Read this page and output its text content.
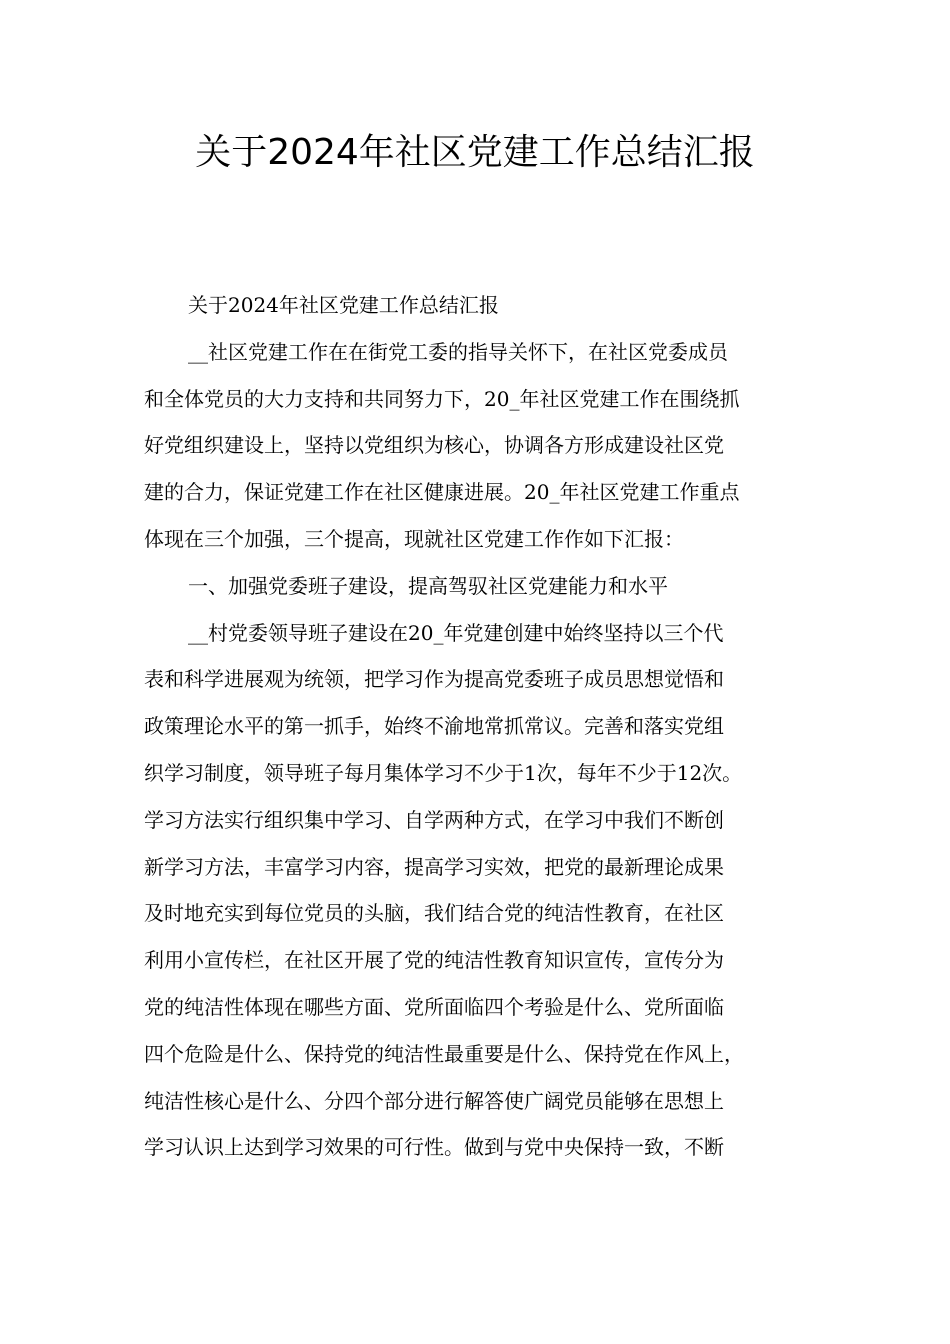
关于2024年社区党建工作总结汇报
关于2024年社区党建工作总结汇报
__社区党建工作在在街党工委的指导关怀下，在社区党委成员
和全体党员的大力支持和共同努力下，20_年社区党建工作在围绕抓
好党组织建设上，坚持以党组织为核心，协调各方形成建设社区党
建的合力，保证党建工作在社区健康进展。20_年社区党建工作重点
体现在三个加强，三个提高，现就社区党建工作作如下汇报：
一、加强党委班子建设，提高驾驭社区党建能力和水平
__村党委领导班子建设在20_年党建创建中始终坚持以三个代
表和科学进展观为统领，把学习作为提高党委班子成员思想觉悟和
政策理论水平的第一抓手，始终不渝地常抓常议。完善和落实党组
织学习制度，领导班子每月集体学习不少于1次，每年不少于12次。
学习方法实行组织集中学习、自学两种方式，在学习中我们不断创
新学习方法，丰富学习内容，提高学习实效，把党的最新理论成果
及时地充实到每位党员的头脑，我们结合党的纯洁性教育，在社区
利用小宣传栏，在社区开展了党的纯洁性教育知识宣传，宣传分为
党的纯洁性体现在哪些方面、党所面临四个考验是什么、党所面临
四个危险是什么、保持党的纯洁性最重要是什么、保持党在作风上，
纯洁性核心是什么、分四个部分进行解答使广阔党员能够在思想上
学习认识上达到学习效果的可行性。做到与党中央保持一致，不断
